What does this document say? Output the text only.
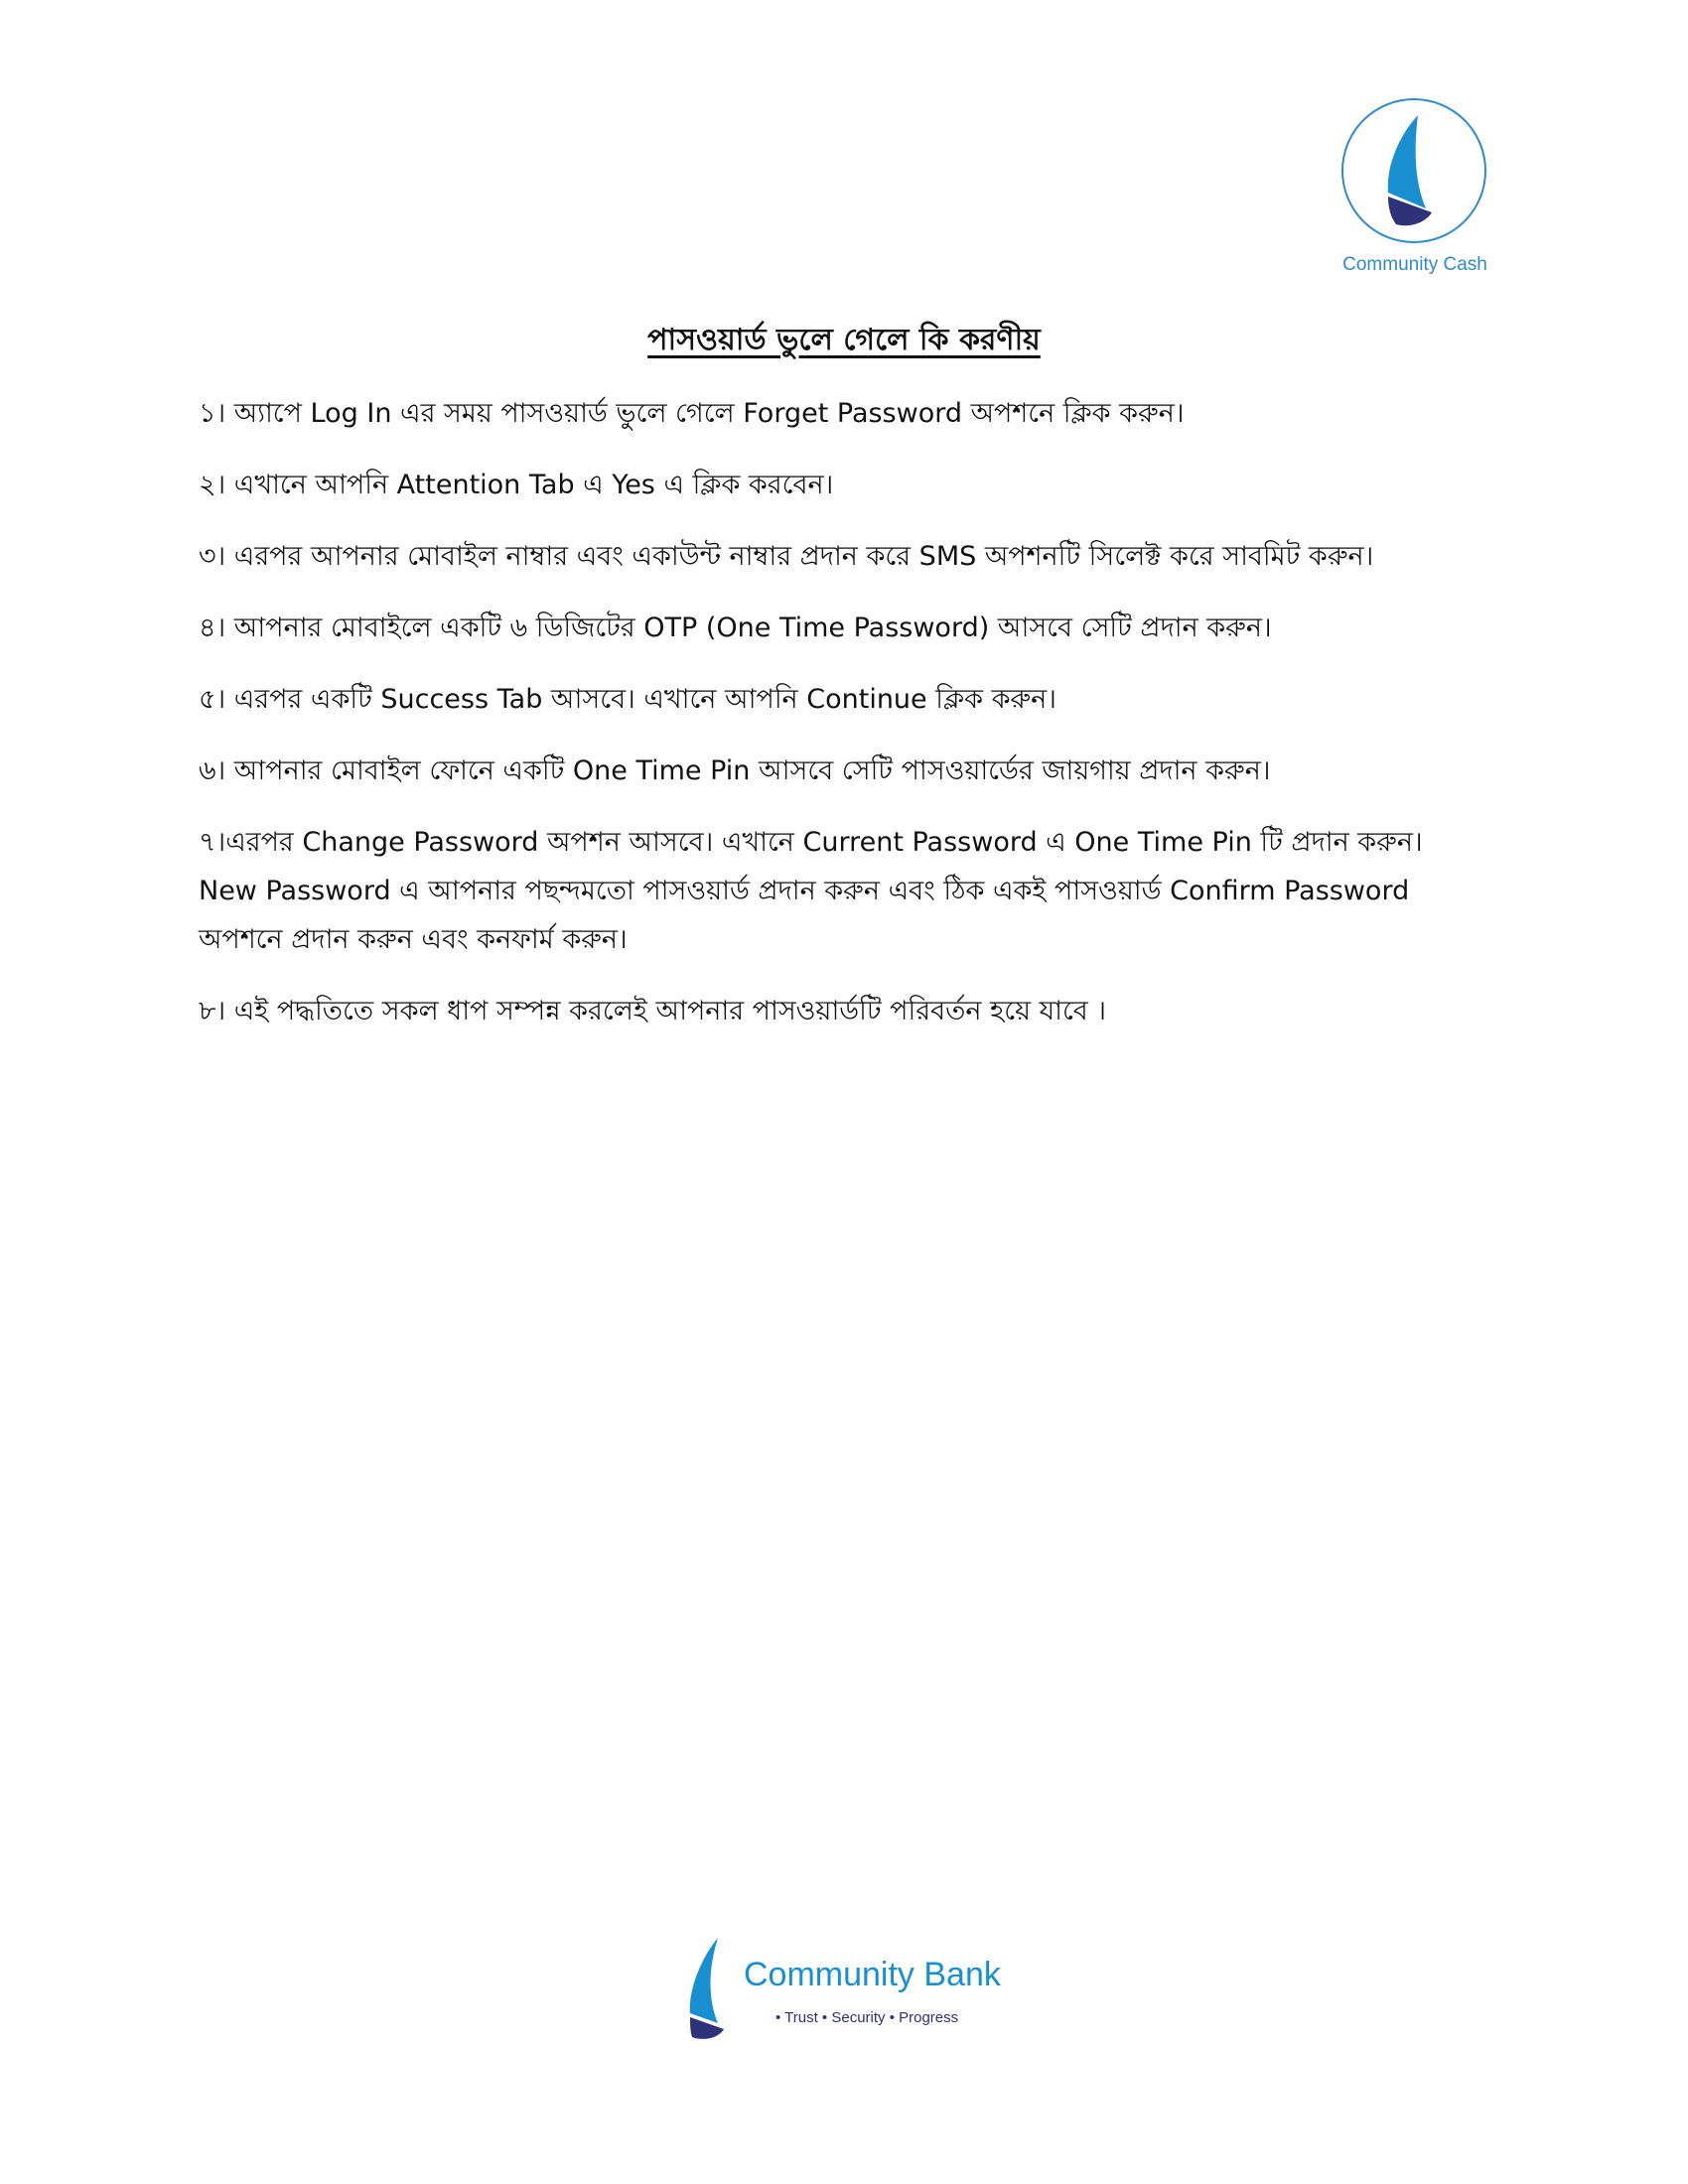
Community Cash
পাসওয়ার্ড ভুলে গেলে কি করণীয়

১। অ্যাপে Log In এর সময় পাসওয়ার্ড ভুলে গেলে Forget Password অপশনে ক্লিক করুন।

২। এখানে আপনি Attention Tab এ Yes এ ক্লিক করবেন।

৩। এরপর আপনার মোবাইল নাম্বার এবং একাউন্ট নাম্বার প্রদান করে SMS অপশনটি সিলেক্ট করে সাবমিট করুন।

৪। আপনার মোবাইলে একটি ৬ ডিজিটের OTP (One Time Password) আসবে সেটি প্রদান করুন।

৫। এরপর একটি Success Tab আসবে। এখানে আপনি Continue ক্লিক করুন।

৬। আপনার মোবাইল ফোনে একটি One Time Pin আসবে সেটি পাসওয়ার্ডের জায়গায় প্রদান করুন।

৭।এরপর Change Password অপশন আসবে। এখানে Current Password এ One Time Pin টি প্রদান করুন। New Password এ আপনার পছন্দমতো পাসওয়ার্ড প্রদান করুন এবং ঠিক একই পাসওয়ার্ড Confirm Password অপশনে প্রদান করুন এবং কনফার্ম করুন।

৮। এই পদ্ধতিতে সকল ধাপ সম্পন্ন করলেই আপনার পাসওয়ার্ডটি পরিবর্তন হয়ে যাবে ।

Community Bank
• Trust • Security • Progress
